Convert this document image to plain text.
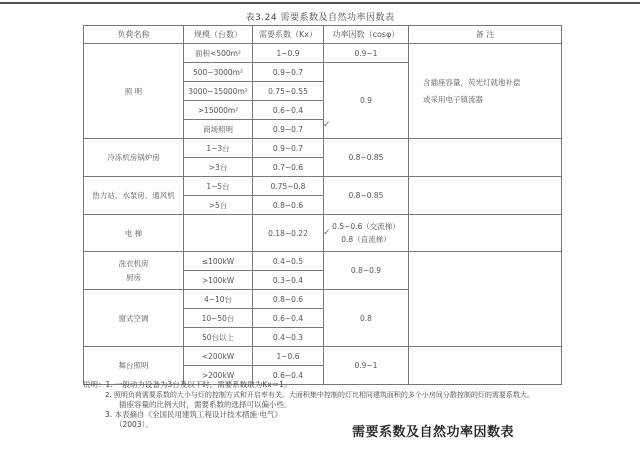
表3.24 需要系数及自然功率因数表
负荷名称	规模（台数）	需要系数（Kx）	功率因数（cosφ）	备 注
照 明	面积<500m²	1~0.9	0.9~1	含插座容量，荧光灯就地补偿
或采用电子镇流器

	500~3000m²	0.9~0.7	0.9	
	3000~15000m²	0.75~0.55		
	>15000m²	0.6~0.4		
	商场照明	0.9~0.7		
冷冻机房锅炉房	1~3台	0.9~0.7	0.8~0.85	
	>3台	0.7~0.6		
热力站、水泵房、通风机	1~5台	0.75~0.8	0.8~0.85	
	>5台	0.8~0.6		
电 梯		0.18~0.22	0.5~0.6（交流梯）
0.8（直流梯）	

洗衣机房
厨房	≤100kW	0.4~0.5	0.8~0.9	
	>100kW	0.3~0.4		
窗式空调	4~10台	0.8~0.6	0.8	
	10~50台	0.6~0.4		
	50台以上	0.4~0.3		
舞台照明	<200kW	1~0.6	0.9~1	
	>200kW	0.6~0.4		
✓
✓
说明：1. 一般动力设备为3台及以下时，需要系数取为Kx＝1。
2. 照明负荷需要系数的大小与灯的控制方式和开启率有关。大面积集中控制的灯比相同建筑面积的多个小房间分散控制的灯的需要系数大。
插座容量的比例大时，需要系数的选择可以偏小些。
3. 本表摘自《全国民用建筑工程设计技术措施·电气》
（2003）。
需要系数及自然功率因数表
